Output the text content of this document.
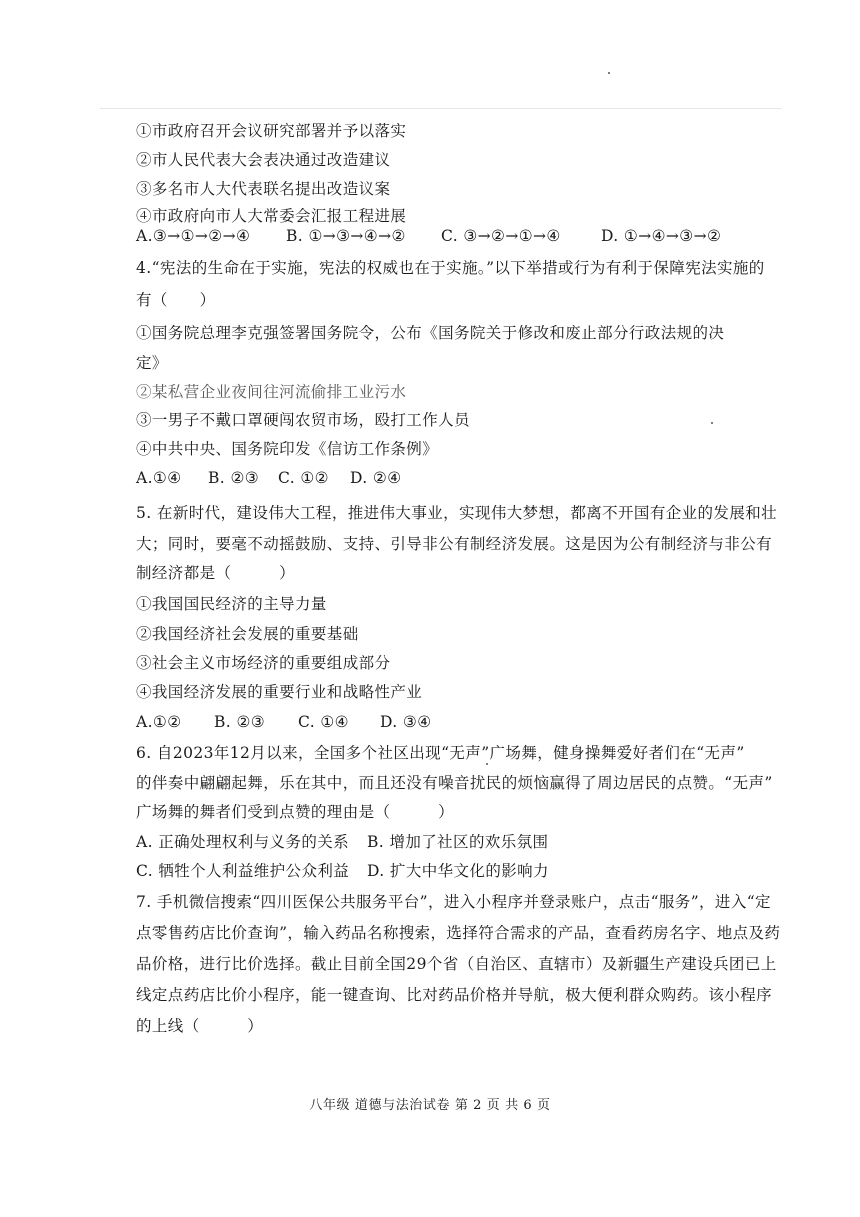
①市政府召开会议研究部署并予以落实
②市人民代表大会表决通过改造建议
③多名市人大代表联名提出改造议案
④市政府向市人大常委会汇报工程进展
A.③→①→②→④	B. ①→③→④→②	C. ③→②→①→④	D. ①→④→③→②
4.“宪法的生命在于实施，宪法的权威也在于实施。”以下举措或行为有利于保障宪法实施的
有（　　）
①国务院总理李克强签署国务院令，公布《国务院关于修改和废止部分行政法规的决
定》
②某私营企业夜间往河流偷排工业污水
③一男子不戴口罩硬闯农贸市场，殴打工作人员
④中共中央、国务院印发《信访工作条例》
A.①④	B. ②③	C. ①②	D. ②④
5. 在新时代，建设伟大工程，推进伟大事业，实现伟大梦想，都离不开国有企业的发展和壮
大；同时，要毫不动摇鼓励、支持、引导非公有制经济发展。这是因为公有制经济与非公有
制经济都是（　　　）
①我国国民经济的主导力量
②我国经济社会发展的重要基础
③社会主义市场经济的重要组成部分
④我国经济发展的重要行业和战略性产业
A.①②	B. ②③	C. ①④	D. ③④
6. 自2023年12月以来，全国多个社区出现“无声”广场舞，健身操舞爱好者们在“无声”
的伴奏中翩翩起舞，乐在其中，而且还没有噪音扰民的烦恼赢得了周边居民的点赞。“无声”
广场舞的舞者们受到点赞的理由是（　　　）
A. 正确处理权利与义务的关系	B. 增加了社区的欢乐氛围
C. 牺牲个人利益维护公众利益	D. 扩大中华文化的影响力
7. 手机微信搜索“四川医保公共服务平台”，进入小程序并登录账户，点击“服务”，进入“定
点零售药店比价查询”，输入药品名称搜索，选择符合需求的产品，查看药房名字、地点及药
品价格，进行比价选择。截止目前全国29个省（自治区、直辖市）及新疆生产建设兵团已上
线定点药店比价小程序，能一键查询、比对药品价格并导航，极大便利群众购药。该小程序
的上线（　　　）
八年级 道德与法治试卷 第 2 页 共 6 页
